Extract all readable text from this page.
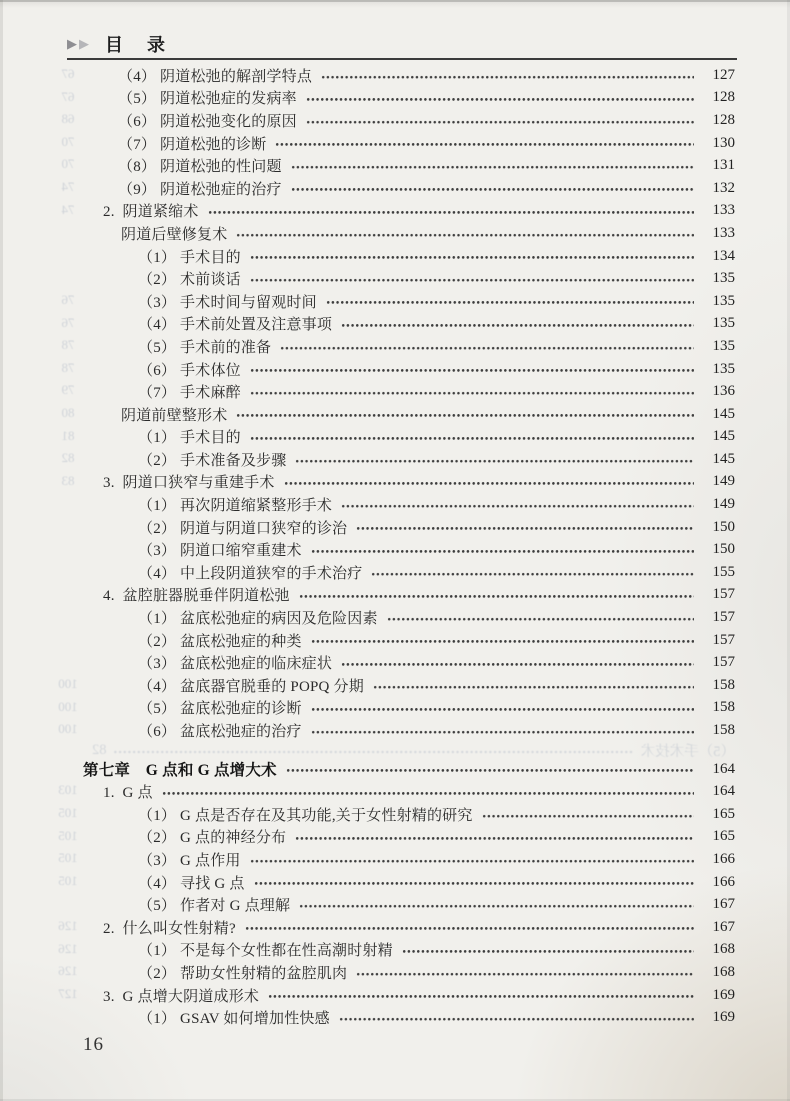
▶ ▶ 目 录
67	（4） 阴道松弛的解剖学特点	127
67	（5） 阴道松弛症的发病率	128
68	（6） 阴道松弛变化的原因	128
70	（7） 阴道松弛的诊断	130
70	（8） 阴道松弛的性问题	131
74	（9） 阴道松弛症的治疗	132
74	2.  阴道紧缩术	133
阴道后壁修复术	133
（1） 手术目的	134
（2） 术前谈话	135
76	（3） 手术时间与留观时间	135
76	（4） 手术前处置及注意事项	135
78	（5） 手术前的准备	135
78	（6） 手术体位	135
79	（7） 手术麻醉	136
80	阴道前壁整形术	145
81	（1） 手术目的	145
82	（2） 手术准备及步骤	145
83	3.  阴道口狭窄与重建手术	149
（1） 再次阴道缩紧整形手术	149
（2） 阴道与阴道口狭窄的诊治	150
（3） 阴道口缩窄重建术	150
（4） 中上段阴道狭窄的手术治疗	155
4.  盆腔脏器脱垂伴阴道松弛	157
（1） 盆底松弛症的病因及危险因素	157
（2） 盆底松弛症的种类	157
（3） 盆底松弛症的临床症状	157
100	（4） 盆底器官脱垂的 POPQ 分期	158
100	（5） 盆底松弛症的诊断	158
100	（6） 盆底松弛症的治疗	158
第七章　G 点和 G 点增大术	164
103	1.  G 点	164
105	（1） G 点是否存在及其功能,关于女性射精的研究	165
105	（2） G 点的神经分布	165
105	（3） G 点作用	166
105	（4） 寻找 G 点	166
（5） 作者对 G 点理解	167
126	2.  什么叫女性射精?	167
126	（1） 不是每个女性都在性高潮时射精	168
126	（2） 帮助女性射精的盆腔肌肉	168
127	3.  G 点增大阴道成形术	169
（1） GSAV 如何增加性快感	169
（5）手术技术
82
16
